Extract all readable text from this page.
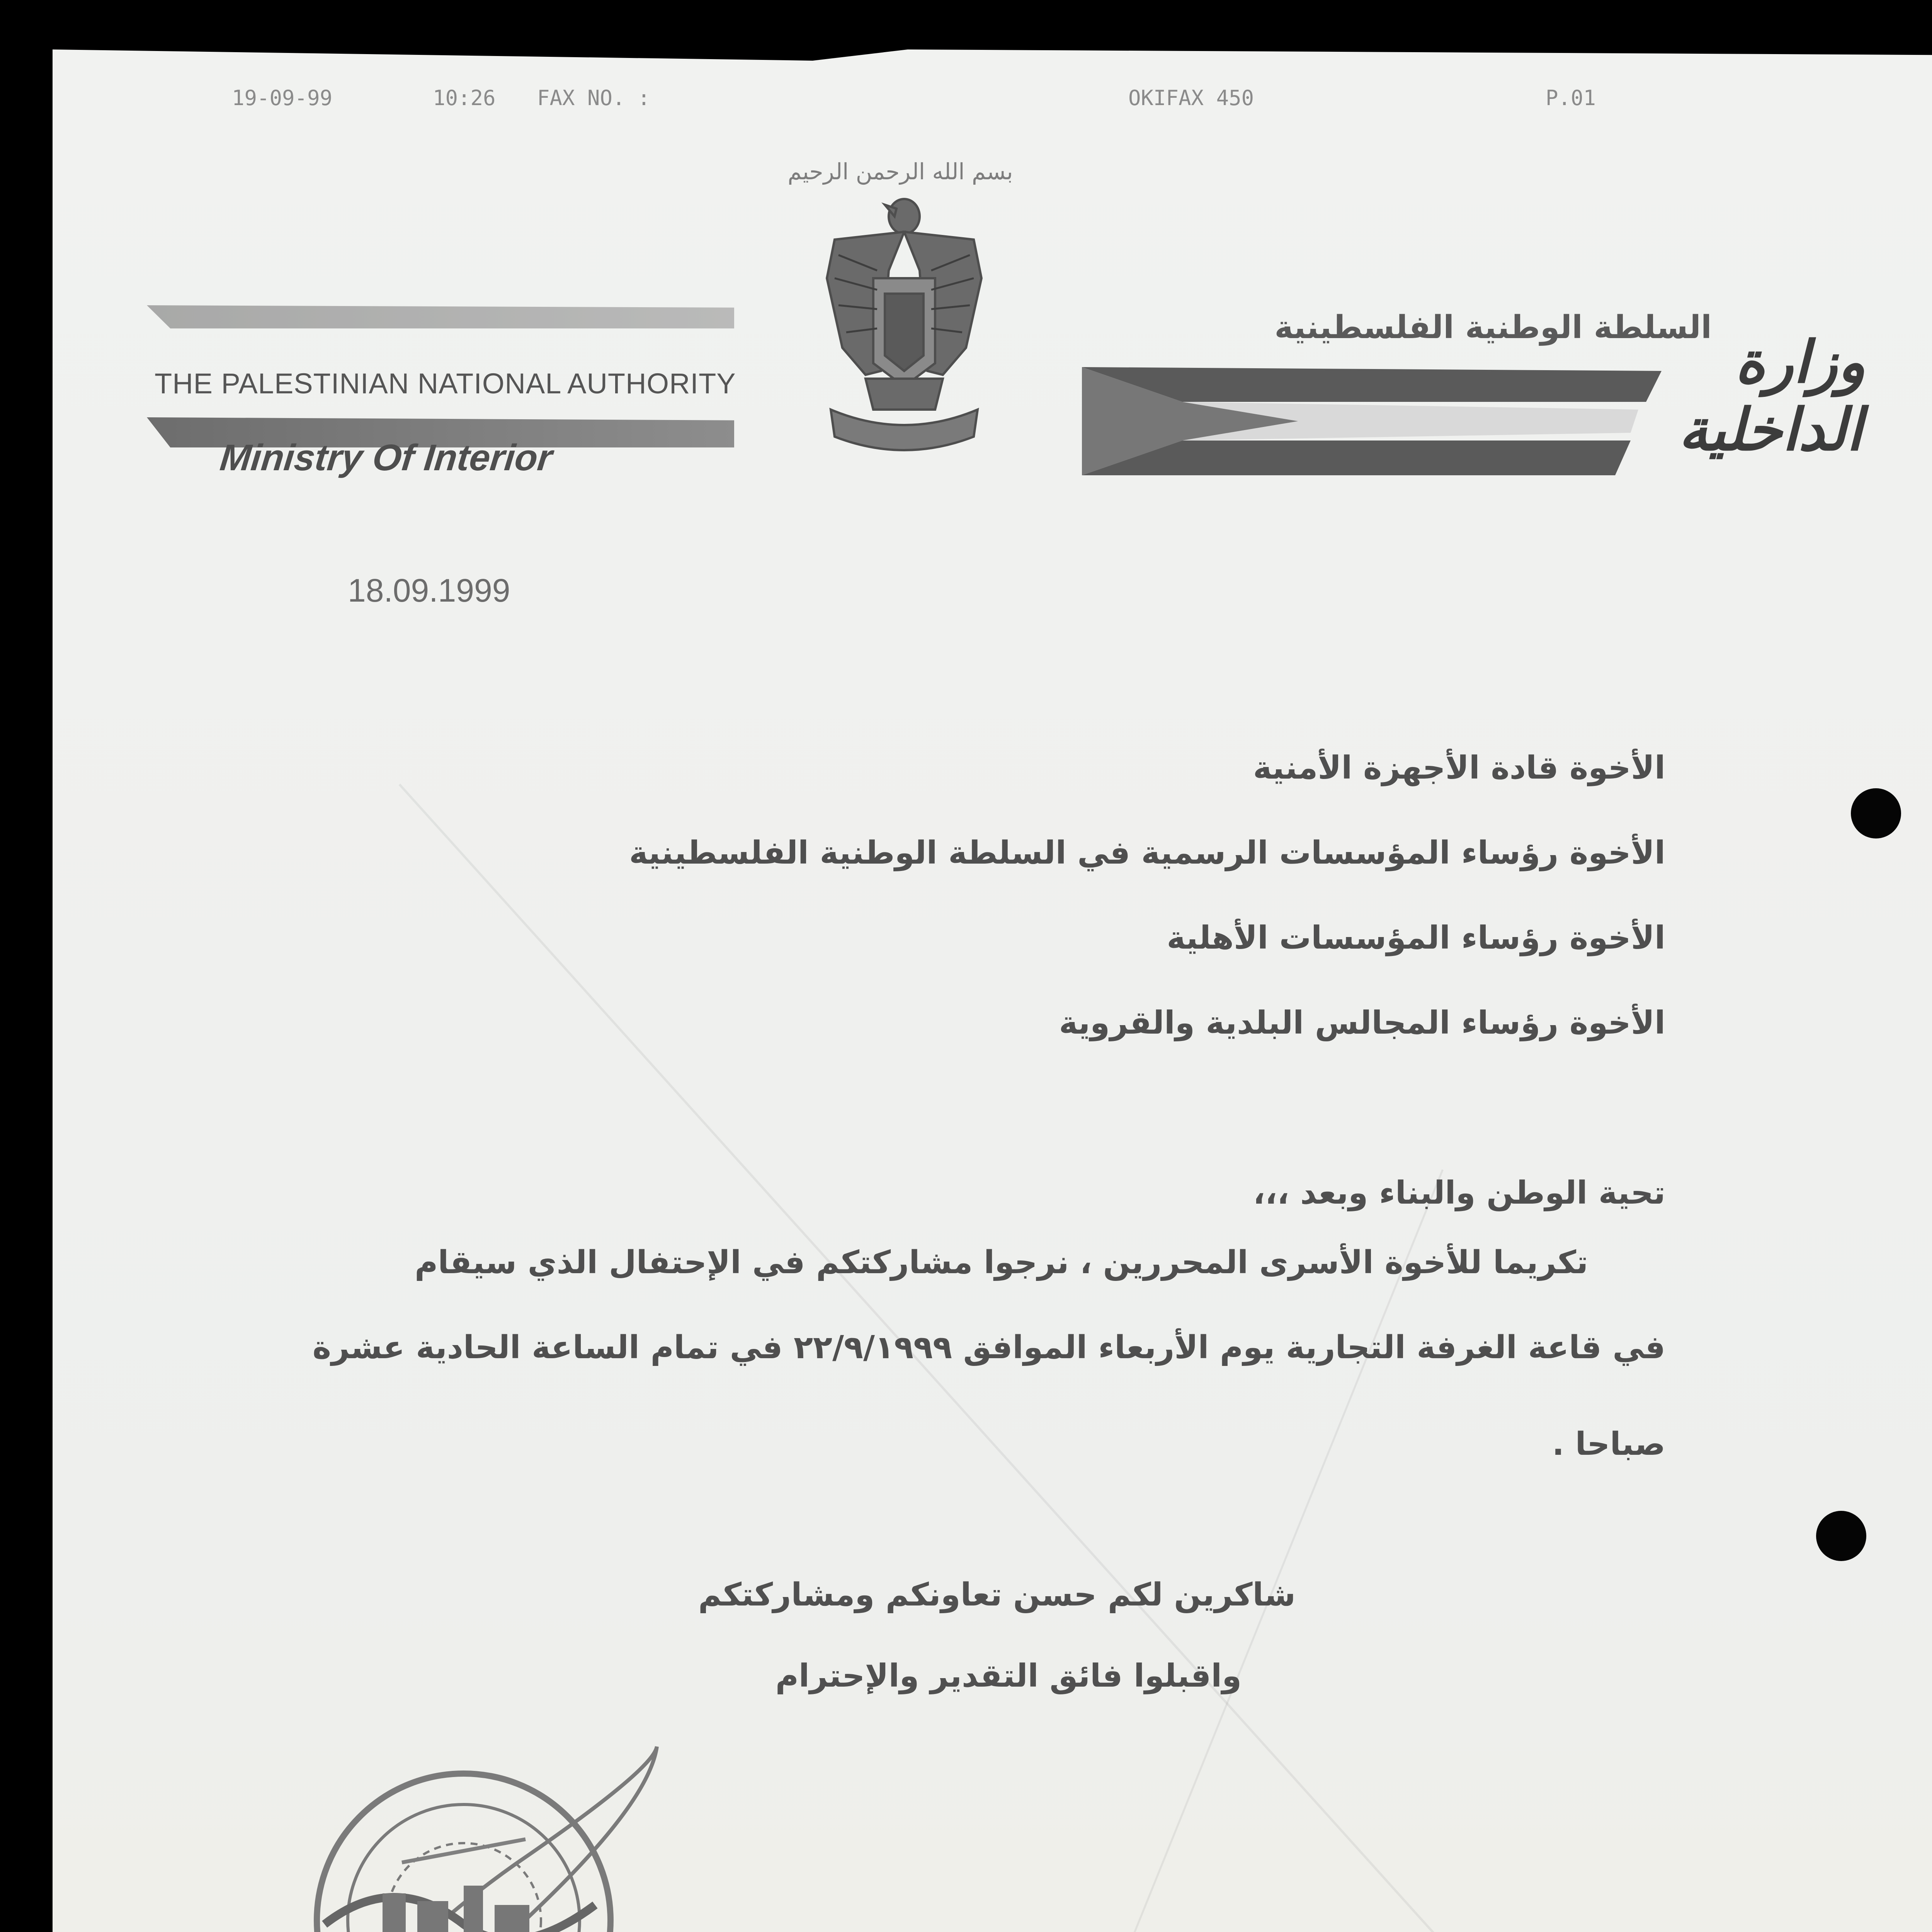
19-09-99	10:26 FAX NO. :	OKIFAX 450	P.01
بسم الله الرحمن الرحيم
THE PALESTINIAN NATIONAL AUTHORITY
Ministry Of Interior
السلطة الوطنية الفلسطينية
وزارة
الداخلية
18.09.1999
الأخوة قادة الأجهزة الأمنية
الأخوة رؤساء المؤسسات الرسمية في السلطة الوطنية الفلسطينية
الأخوة رؤساء المؤسسات الأهلية
الأخوة رؤساء المجالس البلدية والقروية
تحية الوطن والبناء وبعد ،،،
تكريما للأخوة الأسرى المحررين ، نرجوا مشاركتكم في الإحتفال الذي سيقام
في قاعة الغرفة التجارية يوم الأربعاء الموافق ٢٢/٩/١٩٩٩ في تمام الساعة الحادية عشرة
صباحا .
شاكرين لكم حسن تعاونكم ومشاركتكم
واقبلوا فائق التقدير والإحترام
